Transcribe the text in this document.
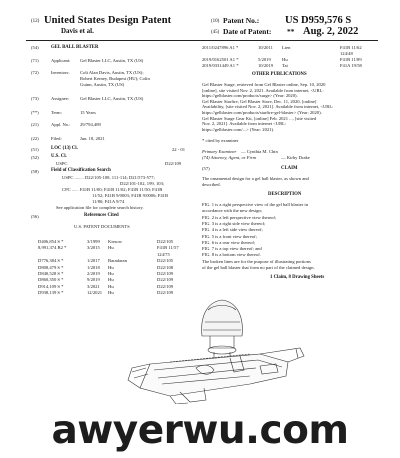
(12) United States Design Patent
Davis et al.
(10) Patent No.: US D959,576 S
(45) Date of Patent: ** Aug. 2, 2022
(54)	GEL BALL BLASTER
(71)	Applicant: Gel Blaster LLC, Austin, TX (US)
(72)	Inventors: Colt Alan Davis, Austin, TX (US);
Robert Kerney, Budapest (HU); Colin
Guinn, Austin, TX (US)
(73)	Assignee: Gel Blaster LLC, Austin, TX (US)
(**)	Term:	15 Years
(21)	Appl. No.: 29/794,489
(22)	Filed:	Jun. 18, 2021
(51)	LOC (13) Cl.	22 - 01
(52)	U.S. Cl.
USPC	D22/109
(58)	Field of Classification Search
USPC ........ D22/105-108, 111-114; D21/573-577;
D22/101-102, 199, 103;
CPC ...... F41B 11/00; F41B 11/02; F41B 11/50; F41B
11/52; F41B 9/0003; F41B 9/0006; F41B
11/80; F41A 9/74
See application file for complete search history.
(56)	References Cited
U.S. PATENT DOCUMENTS
D406,854 S *	3/1999 Kiesow	D22/105
8,991,374 B2 *	3/2015 Hu	F41B 11/57
124/75
D776,384 S *	1/2017 Baradaran	D22/105
D808,479 S *	1/2018 Hu	D22/108
D840,528 S *	2/2019 Hu	D22/109
D860,350 S *	9/2019 Hu	D22/109
D914,109 S *	3/2021 Hu	D22/109
D938,139 S *	12/2021 Hu	D22/109
2011/0247896 A1 *	10/2011 Lien	F41B 11/62
124/48
2019/0162501 A1 *	5/2019 Hu	F41B 11/89
2019/0331449 A1 *	10/2019 Tai	F41A 19/58
OTHER PUBLICATIONS
Gel Blaster Surge, retrieved from Gel Blaster online, Sep. 10, 2020
[online], site visited Nov. 2, 2021. Available from internet, <URL:
https://gelblaster.com/products/surge> (Year: 2020).
Gel Blaster Starfire, Gel Blaster Store, Dec. 11, 2020, [online]
Availability, [site visited Nov. 2, 2021]. Available from internet, <URL:
https://gelblaster.com/products/starfire-gel-blaster> (Year: 2020).
Gel Blaster Surge Gear Kit, [online] Feb. 2021 ..., [site visited
Nov. 2, 2021]. Available from internet <URL:
https://gelblaster.com/...> (Year: 2021).
* cited by examiner
Primary Examiner — Cynthia M. Chin
(74) Attorney, Agent, or Firm	— Kirby Drake
(57)	CLAIM
The ornamental design for a gel ball blaster, as shown and
described.
DESCRIPTION
FIG. 1 is a right perspective view of the gel ball blaster in
accordance with the new design;
FIG. 2 is a left perspective view thereof;
FIG. 3 is a right side view thereof;
FIG. 4 is a left side view thereof;
FIG. 5 is a front view thereof;
FIG. 6 is a rear view thereof;
FIG. 7 is a top view thereof; and
FIG. 8 is a bottom view thereof.
The broken lines are for the purpose of illustrating portions
of the gel ball blaster that form no part of the claimed design.
1 Claim, 8 Drawing Sheets
awyerwu.com
